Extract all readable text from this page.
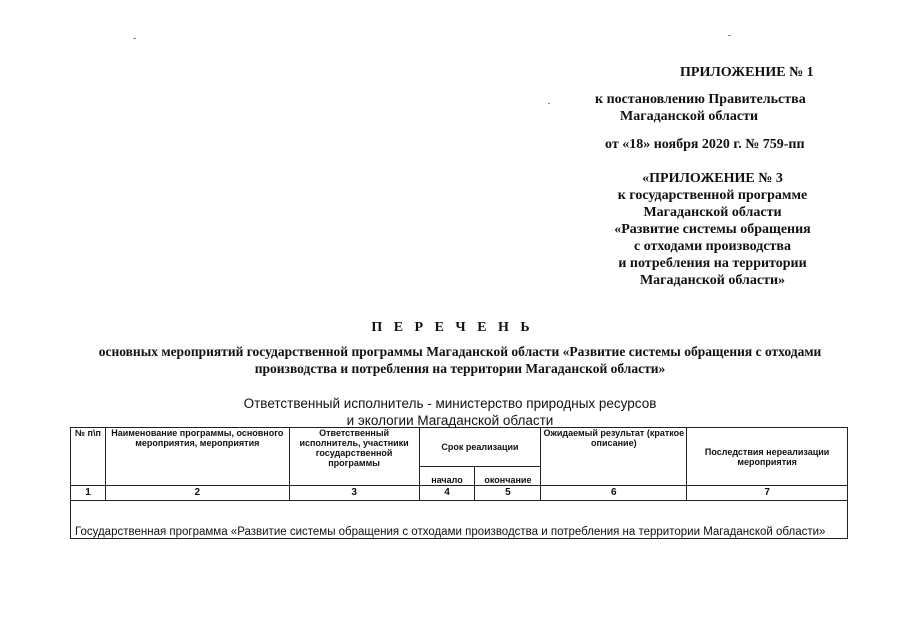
ПРИЛОЖЕНИЕ № 1
к постановлению Правительства
Магаданской области
от «18» ноября 2020 г. № 759-пп
«ПРИЛОЖЕНИЕ № 3
к государственной программе
Магаданской области
«Развитие системы обращения
с отходами производства
и потребления на территории
Магаданской области»
П Е Р Е Ч Е Н Ь
основных мероприятий государственной программы Магаданской области «Развитие системы обращения с отходами производства и потребления на территории Магаданской области»
Ответственный исполнитель - министерство природных ресурсов
и экологии Магаданской области
№ п\п	Наименование программы, основного мероприятия, мероприятия	Ответственный исполнитель, участники государственной программы	Срок реализации		Ожидаемый результат (краткое описание)	Последствия нереализации мероприятия
			начало	окончание		
1	2	3	4	5	6	7
Государственная программа «Развитие системы обращения с отходами производства и потребления на территории Магаданской области»						
